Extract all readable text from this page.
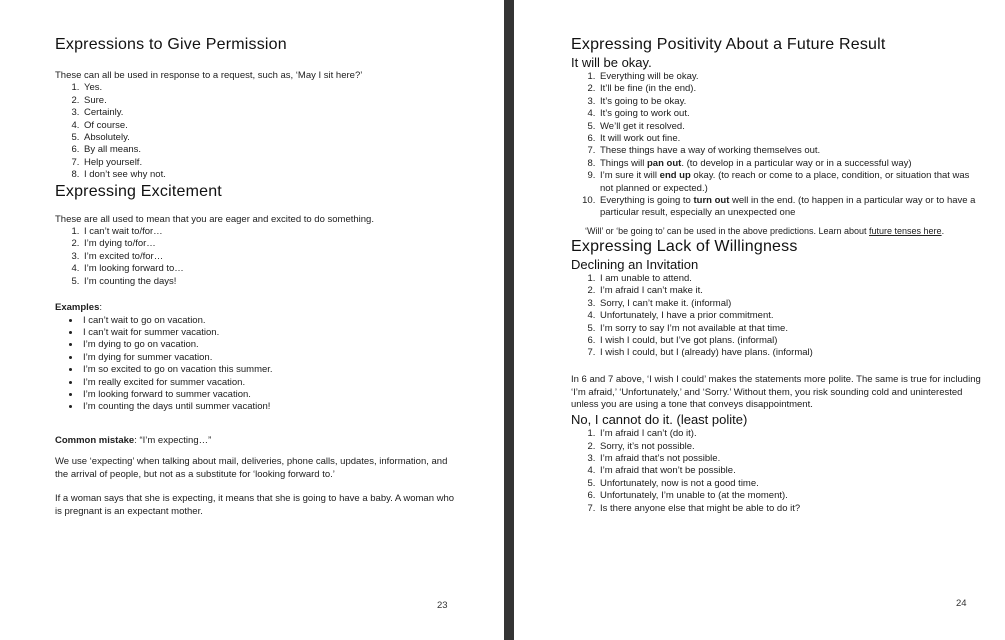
Expressions to Give Permission

These can all be used in response to a request, such as, ‘May I sit here?’

1. Yes.
2. Sure.
3. Certainly.
4. Of course.
5. Absolutely.
6. By all means.
7. Help yourself.
8. I don’t see why not.
Expressing Excitement

These are all used to mean that you are eager and excited to do something.

1. I can’t wait to/for…
2. I’m dying to/for…
3. I’m excited to/for…
4. I’m looking forward to…
5. I’m counting the days!

Examples:

• I can’t wait to go on vacation.
• I can’t wait for summer vacation.
• I’m dying to go on vacation.
• I’m dying for summer vacation.
• I’m so excited to go on vacation this summer.
• I’m really excited for summer vacation.
• I’m looking forward to summer vacation.
• I’m counting the days until summer vacation!

Common mistake: “I’m expecting…”

We use ‘expecting’ when talking about mail, deliveries, phone calls, updates, information, and the arrival of people, but not as a substitute for ‘looking forward to.’

If a woman says that she is expecting, it means that she is going to have a baby. A woman who is pregnant is an expectant mother.

Expressing Positivity About a Future Result
It will be okay.
1. Everything will be okay.
2. It’ll be fine (in the end).
3. It’s going to be okay.
4. It’s going to work out.
5. We’ll get it resolved.
6. It will work out fine.
7. These things have a way of working themselves out.
8. Things will pan out. (to develop in a particular way or in a successful way)
9. I’m sure it will end up okay. (to reach or come to a place, condition, or situation that was not planned or expected.)
10. Everything is going to turn out well in the end. (to happen in a particular way or to have a particular result, especially an unexpected one

‘Will’ or ‘be going to’ can be used in the above predictions. Learn about future tenses here.

Expressing Lack of Willingness
Declining an Invitation
1. I am unable to attend.
2. I’m afraid I can’t make it.
3. Sorry, I can’t make it. (informal)
4. Unfortunately, I have a prior commitment.
5. I’m sorry to say I’m not available at that time.
6. I wish I could, but I’ve got plans. (informal)
7. I wish I could, but I (already) have plans. (informal)

In 6 and 7 above, ‘I wish I could’ makes the statements more polite. The same is true for including ‘I’m afraid,’ ‘Unfortunately,’ and ‘Sorry.’ Without them, you risk sounding cold and uninterested unless you are using a tone that conveys disappointment.

No, I cannot do it. (least polite)
1. I’m afraid I can’t (do it).
2. Sorry, it’s not possible.
3. I’m afraid that’s not possible.
4. I’m afraid that won’t be possible.
5. Unfortunately, now is not a good time.
6. Unfortunately, I’m unable to (at the moment).
7. Is there anyone else that might be able to do it?
23	24
